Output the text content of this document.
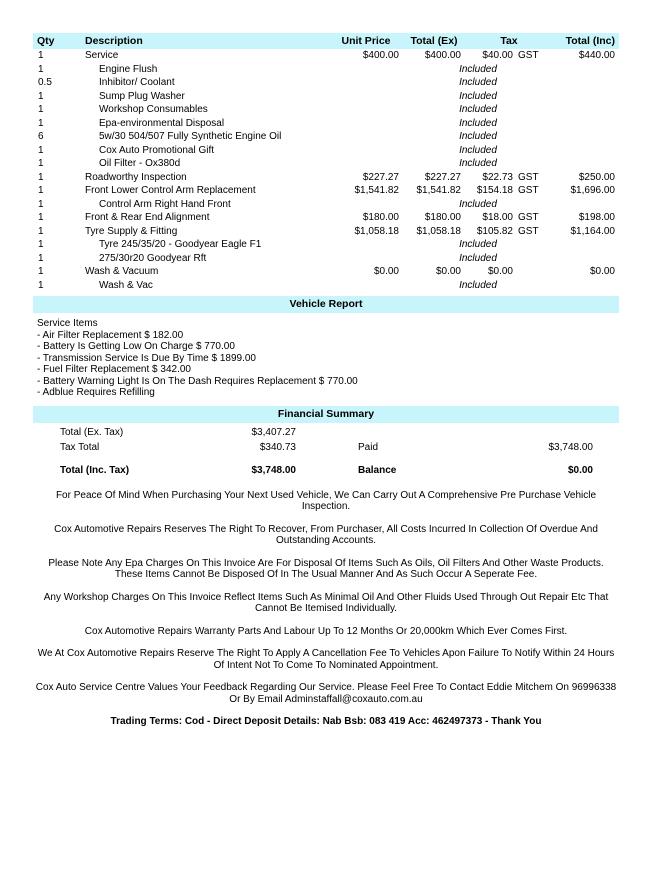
Qty	Description	Unit Price	Total (Ex)	Tax	Total (Inc)
1	Service	$400.00	$400.00	$40.00 GST	$440.00
1	Engine Flush		Included		
0.5	Inhibitor/ Coolant		Included		
1	Sump Plug Washer		Included		
1	Workshop Consumables		Included		
1	Epa-environmental Disposal		Included		
6	5w/30 504/507 Fully Synthetic Engine Oil		Included		
1	Cox Auto Promotional Gift		Included		
1	Oil Filter - Ox380d		Included		
1	Roadworthy Inspection	$227.27	$227.27	$22.73 GST	$250.00
1	Front Lower Control Arm Replacement	$1,541.82	$1,541.82	$154.18 GST	$1,696.00
1	Control Arm Right Hand Front		Included		
1	Front & Rear End Alignment	$180.00	$180.00	$18.00 GST	$198.00
1	Tyre Supply & Fitting	$1,058.18	$1,058.18	$105.82 GST	$1,164.00
1	Tyre 245/35/20 - Goodyear Eagle F1		Included		
1	275/30r20 Goodyear Rft		Included		
1	Wash & Vacuum	$0.00	$0.00	$0.00	$0.00
1	Wash & Vac		Included		
Vehicle Report
Service Items
- Air Filter Replacement $ 182.00
- Battery Is Getting Low On Charge $ 770.00
- Transmission Service Is Due By Time $ 1899.00
- Fuel Filter Replacement $ 342.00
- Battery Warning Light Is On The Dash Requires Replacement $ 770.00
- Adblue Requires Refilling
Financial Summary
	Total (Ex. Tax)	$3,407.27			
	Tax Total	$340.73		Paid	$3,748.00

	Total (Inc. Tax)	$3,748.00		Balance	$0.00

For Peace Of Mind When Purchasing Your Next Used Vehicle, We Can Carry Out A Comprehensive Pre Purchase Vehicle Inspection.

Cox Automotive Repairs Reserves The Right To Recover, From Purchaser, All Costs Incurred In Collection Of Overdue And Outstanding Accounts.

Please Note Any Epa Charges On This Invoice Are For Disposal Of Items Such As Oils, Oil Filters And Other Waste Products. These Items Cannot Be Disposed Of In The Usual Manner And As Such Occur A Seperate Fee.

Any Workshop Charges On This Invoice Reflect Items Such As Minimal Oil And Other Fluids Used Through Out Repair Etc That Cannot Be Itemised Individually.

Cox Automotive Repairs Warranty Parts And Labour Up To 12 Months Or 20,000km Which Ever Comes First.

We At Cox Automotive Repairs Reserve The Right To Apply A Cancellation Fee To Vehicles Apon Failure To Notify Within 24 Hours Of Intent Not To Come To Nominated Appointment.

Cox Auto Service Centre Values Your Feedback Regarding Our Service. Please Feel Free To Contact Eddie Mitchem On 96996338 Or By Email Adminstaffall@coxauto.com.au

Trading Terms: Cod - Direct Deposit Details: Nab Bsb: 083 419 Acc: 462497373 - Thank You
